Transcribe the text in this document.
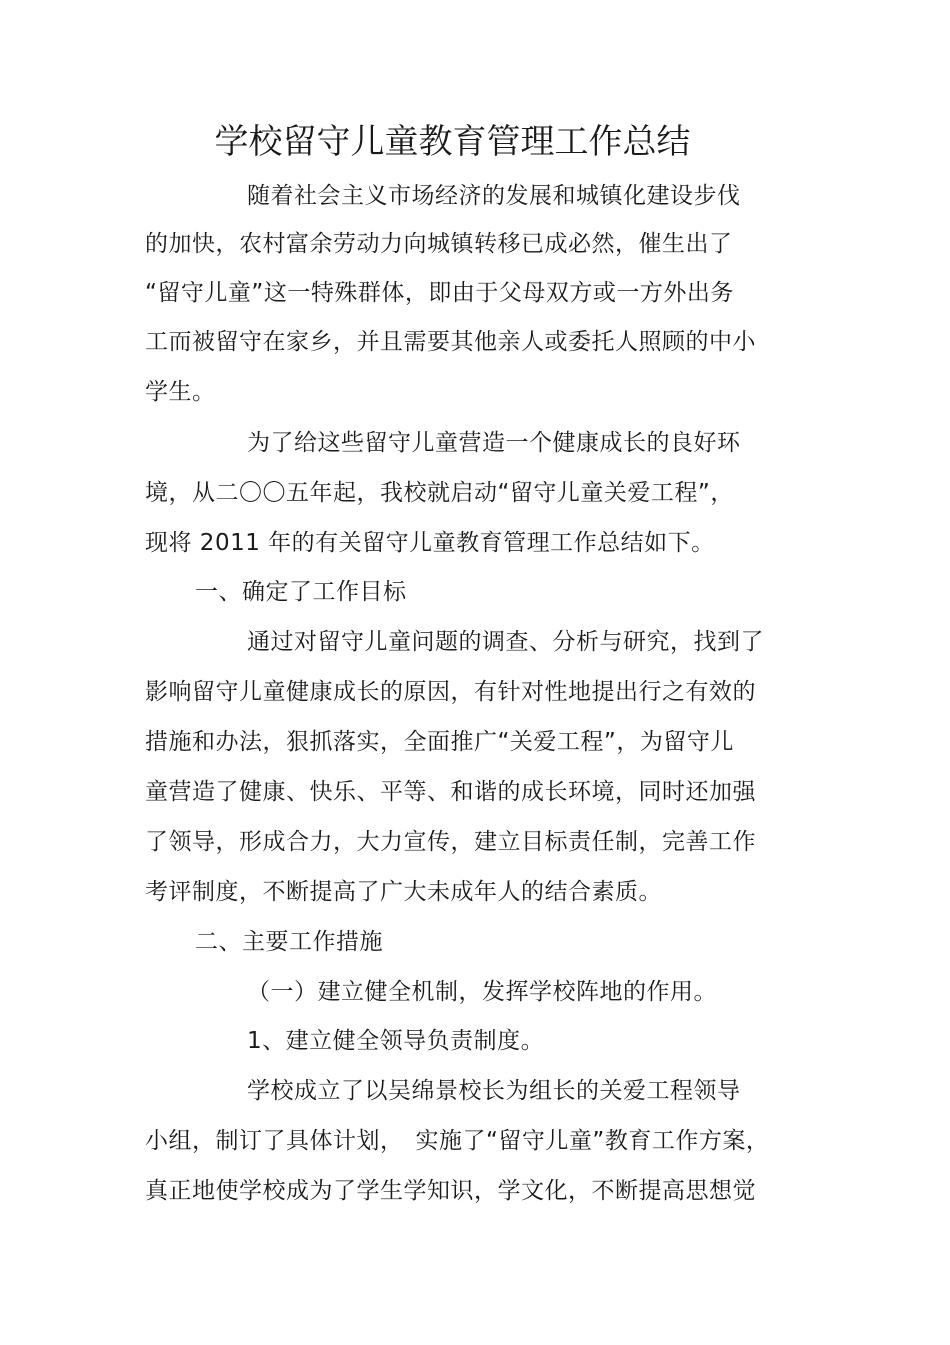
学校留守儿童教育管理工作总结
随着社会主义市场经济的发展和城镇化建设步伐
的加快，农村富余劳动力向城镇转移已成必然，催生出了
“留守儿童”这一特殊群体，即由于父母双方或一方外出务
工而被留守在家乡，并且需要其他亲人或委托人照顾的中小
学生。
为了给这些留守儿童营造一个健康成长的良好环
境，从二〇〇五年起，我校就启动“留守儿童关爱工程”，
现将 2011 年的有关留守儿童教育管理工作总结如下。
一、确定了工作目标
通过对留守儿童问题的调查、分析与研究，找到了
影响留守儿童健康成长的原因，有针对性地提出行之有效的
措施和办法，狠抓落实，全面推广“关爱工程”，为留守儿
童营造了健康、快乐、平等、和谐的成长环境，同时还加强
了领导，形成合力，大力宣传，建立目标责任制，完善工作
考评制度，不断提高了广大未成年人的结合素质。
二、主要工作措施
（一）建立健全机制，发挥学校阵地的作用。
1、建立健全领导负责制度。
学校成立了以吴绵景校长为组长的关爱工程领导
小组，制订了具体计划，　实施了“留守儿童”教育工作方案，
真正地使学校成为了学生学知识，学文化，不断提高思想觉
